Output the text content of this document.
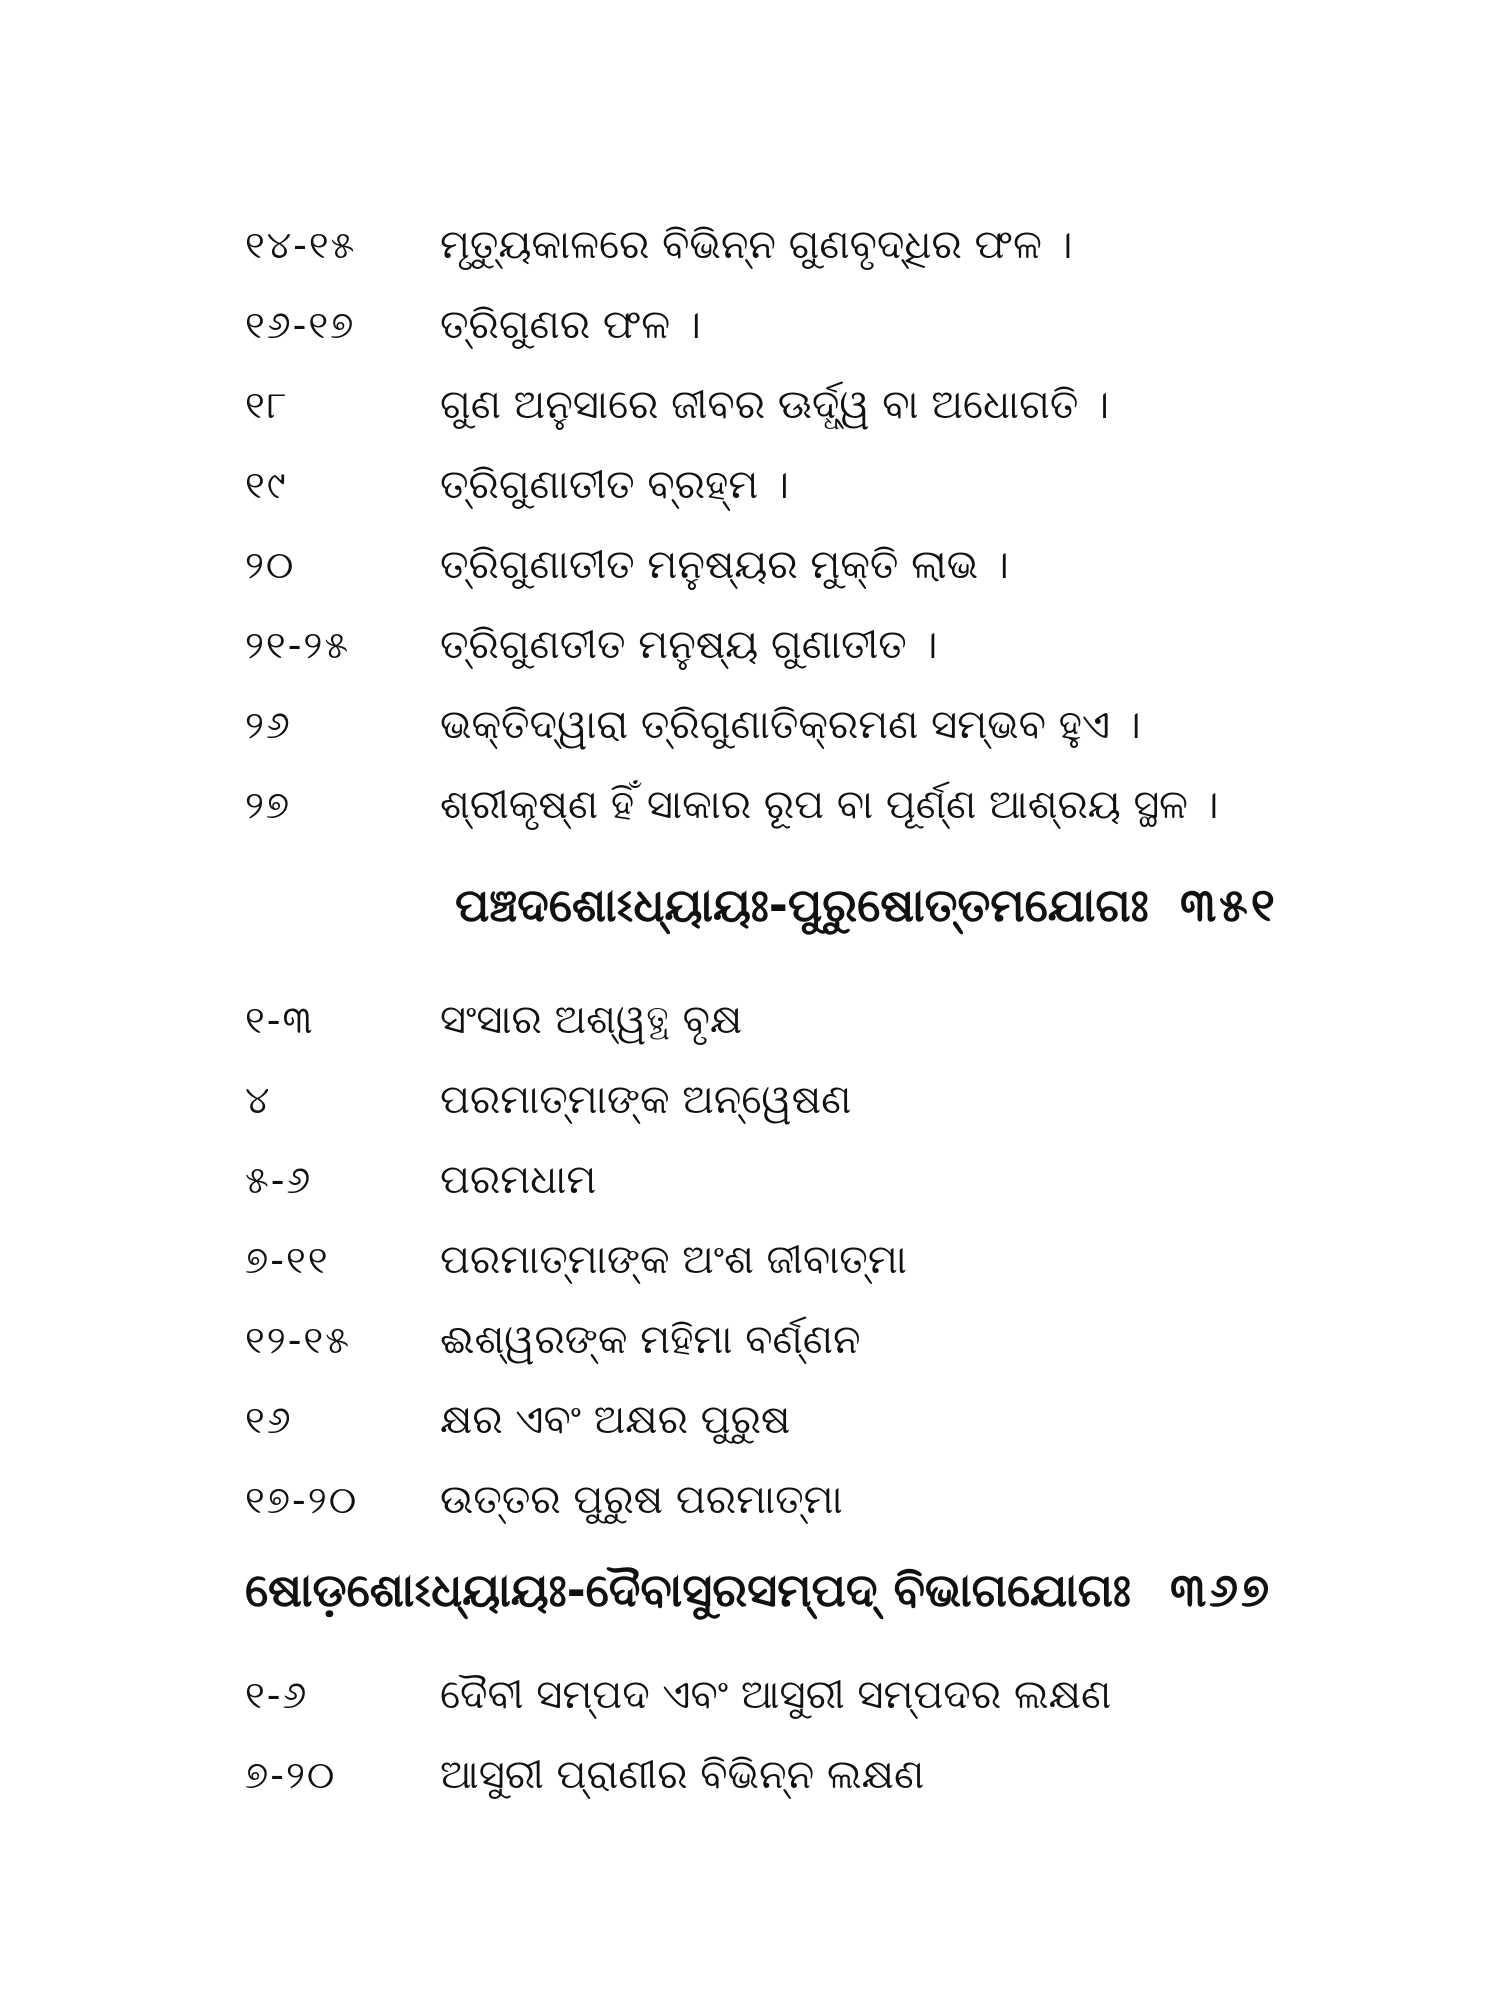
୧୪-୧୫	ମୃତ୍ୟୁକାଳରେ ବିଭିନ୍ନ ଗୁଣବୃଦ୍ଧିର ଫଳ ।
୧୬-୧୭	ତ୍ରିଗୁଣର ଫଳ ।
୧୮	ଗୁଣ ଅନୁସାରେ ଜୀବର ଊର୍ଦ୍ଧ୍ୱ ବା ଅଧୋଗତି ।
୧୯	ତ୍ରିଗୁଣାତୀତ ବ୍ରହ୍ମ ।
୨୦	ତ୍ରିଗୁଣାତୀତ ମନୁଷ୍ୟର ମୁକ୍ତି ଲାଭ ।
୨୧-୨୫	ତ୍ରିଗୁଣତୀତ ମନୁଷ୍ୟ ଗୁଣାତୀତ ।
୨୬	ଭକ୍ତିଦ୍ୱାରା ତ୍ରିଗୁଣାତିକ୍ରମଣ ସମ୍ଭବ ହୁଏ ।
୨୭	ଶ୍ରୀକୃଷ୍ଣ ହିଁ ସାକାର ରୂପ ବା ପୂର୍ଣ୍ଣ ଆଶ୍ରୟ ସ୍ଥଳ ।
ପଞ୍ଚଦଶୋଽଧ୍ୟାୟଃ-ପୁରୁଷୋତ୍ତମଯୋଗଃ ୩୫୧
୧-୩	ସଂସାର ଅଶ୍ୱତ୍ଥ ବୃକ୍ଷ
୪	ପରମାତ୍ମାଙ୍କ ଅନ୍ୱେଷଣ
୫-୬	ପରମଧାମ
୭-୧୧	ପରମାତ୍ମାଙ୍କ ଅଂଶ ଜୀବାତ୍ମା
୧୨-୧୫	ଈଶ୍ୱରଙ୍କ ମହିମା ବର୍ଣ୍ଣନ
୧୬	କ୍ଷର ଏବଂ ଅକ୍ଷର ପୁରୁଷ
୧୭-୨୦	ଉତ୍ତର ପୁରୁଷ ପରମାତ୍ମା
ଷୋଡ଼ଶୋଽଧ୍ୟାୟଃ-ଦୈବାସୁରସମ୍ପଦ୍ ବିଭାଗଯୋଗଃ ୩୬୭
୧-୬	ଦୈବୀ ସମ୍ପଦ ଏବଂ ଆସୁରୀ ସମ୍ପଦର ଲକ୍ଷଣ
୭-୨୦	ଆସୁରୀ ପ୍ରାଣୀର ବିଭିନ୍ନ ଲକ୍ଷଣ
